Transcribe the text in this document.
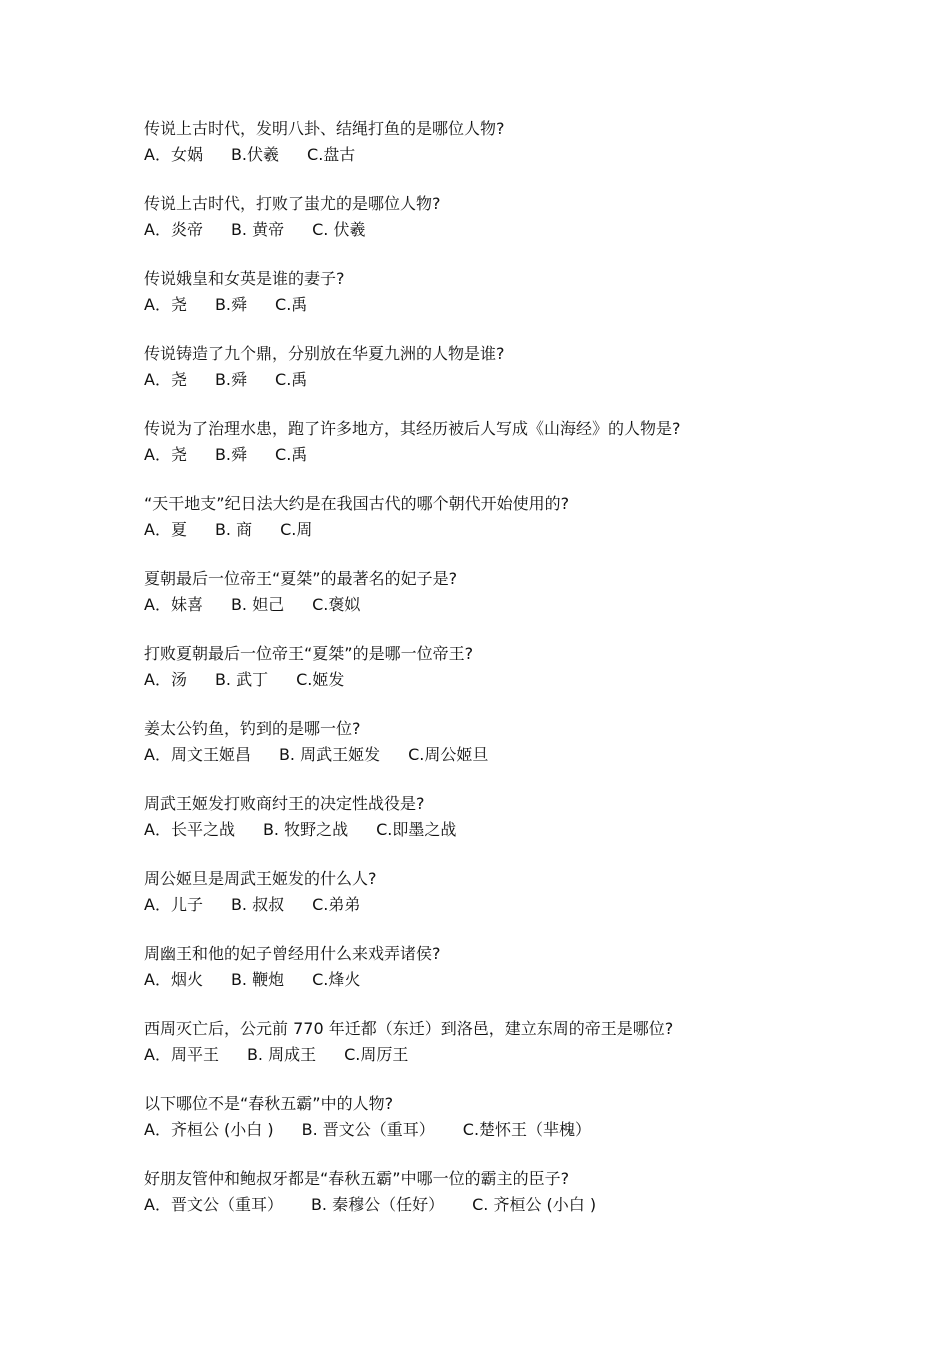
传说上古时代，发明八卦、结绳打鱼的是哪位人物?

A．女娲 B.伏羲 C.盘古

传说上古时代，打败了蚩尤的是哪位人物?

A．炎帝 B. 黄帝 C. 伏羲

传说娥皇和女英是谁的妻子?

A．尧 B.舜 C.禹

传说铸造了九个鼎，分别放在华夏九洲的人物是谁?

A．尧 B.舜 C.禹

传说为了治理水患，跑了许多地方，其经历被后人写成《山海经》的人物是?

A．尧 B.舜 C.禹

“天干地支”纪日法大约是在我国古代的哪个朝代开始使用的?

A．夏 B. 商 C.周

夏朝最后一位帝王“夏桀”的最著名的妃子是?

A．妹喜 B. 妲己 C.褒姒

打败夏朝最后一位帝王“夏桀”的是哪一位帝王?

A．汤 B. 武丁 C.姬发

姜太公钓鱼，钓到的是哪一位?

A．周文王姬昌 B. 周武王姬发 C.周公姬旦

周武王姬发打败商纣王的决定性战役是?

A．长平之战 B. 牧野之战 C.即墨之战

周公姬旦是周武王姬发的什么人?

A．儿子 B. 叔叔 C.弟弟

周幽王和他的妃子曾经用什么来戏弄诸侯?

A．烟火 B. 鞭炮 C.烽火

西周灭亡后，公元前 770 年迁都（东迁）到洛邑，建立东周的帝王是哪位?

A．周平王 B. 周成王 C.周厉王

以下哪位不是“春秋五霸”中的人物?

A．齐桓公 (小白 ) B. 晋文公（重耳） C.楚怀王（芈槐）

好朋友管仲和鲍叔牙都是“春秋五霸”中哪一位的霸主的臣子?

A．晋文公（重耳） B. 秦穆公（任好） C. 齐桓公 (小白 )
